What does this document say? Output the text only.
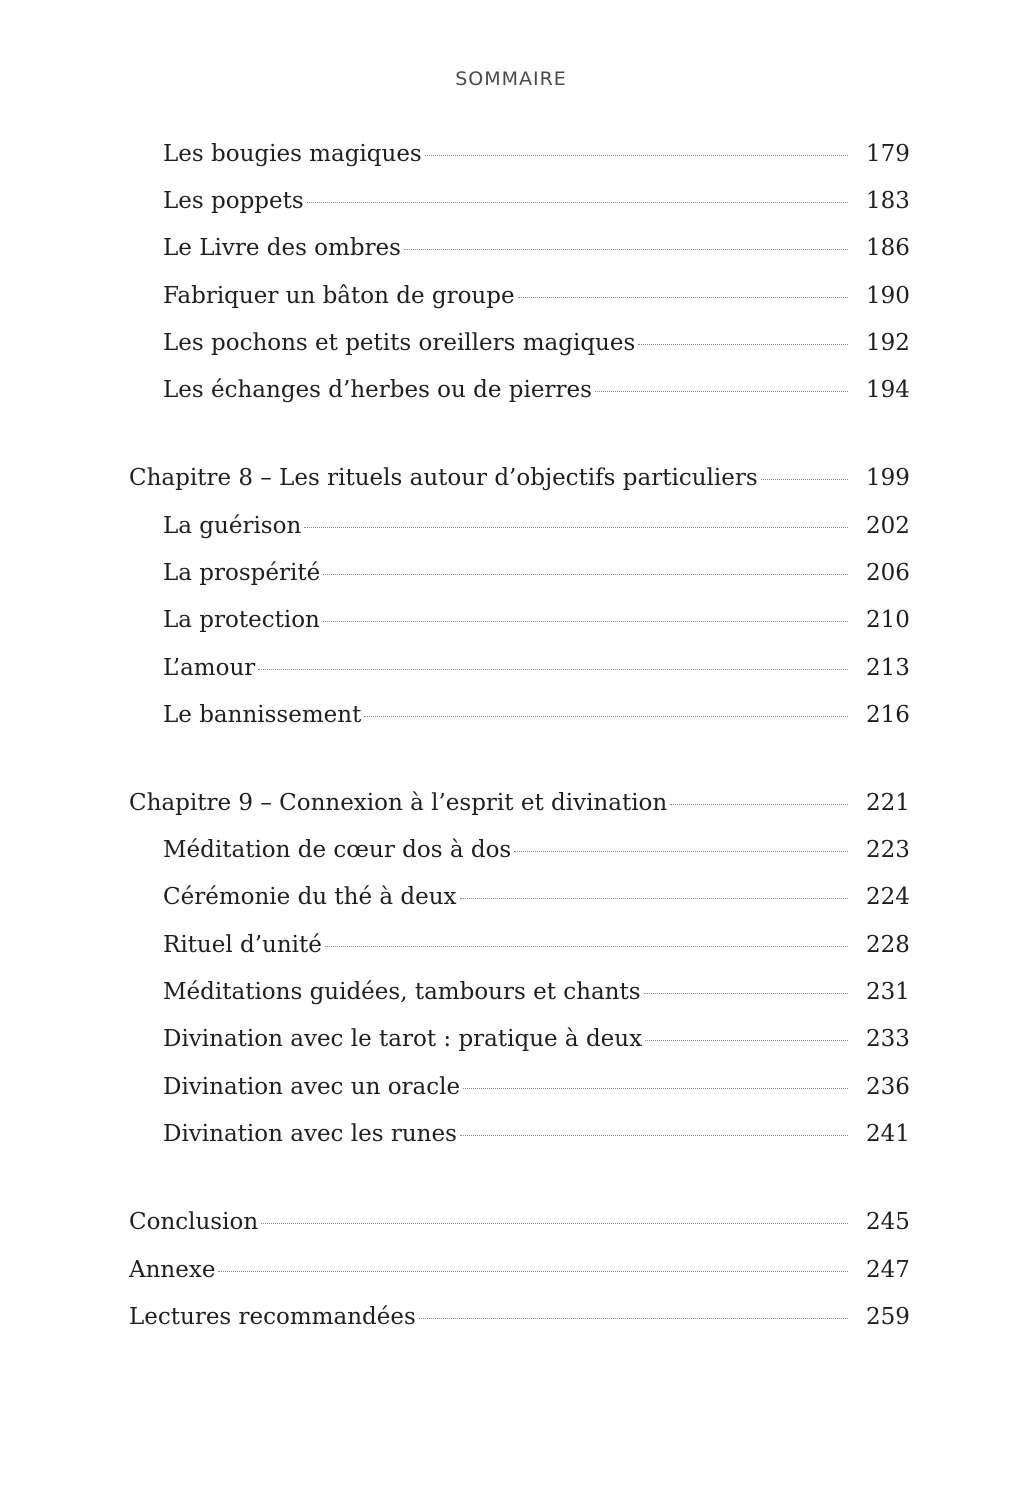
SOMMAIRE
Les bougies magiques	179
Les poppets	183
Le Livre des ombres	186
Fabriquer un bâton de groupe	190
Les pochons et petits oreillers magiques	192
Les échanges d’herbes ou de pierres	194
Chapitre 8 – Les rituels autour d’objectifs particuliers	199
La guérison	202
La prospérité	206
La protection	210
L’amour	213
Le bannissement	216
Chapitre 9 – Connexion à l’esprit et divination	221
Méditation de cœur dos à dos	223
Cérémonie du thé à deux	224
Rituel d’unité	228
Méditations guidées, tambours et chants	231
Divination avec le tarot : pratique à deux	233
Divination avec un oracle	236
Divination avec les runes	241
Conclusion	245
Annexe	247
Lectures recommandées	259
